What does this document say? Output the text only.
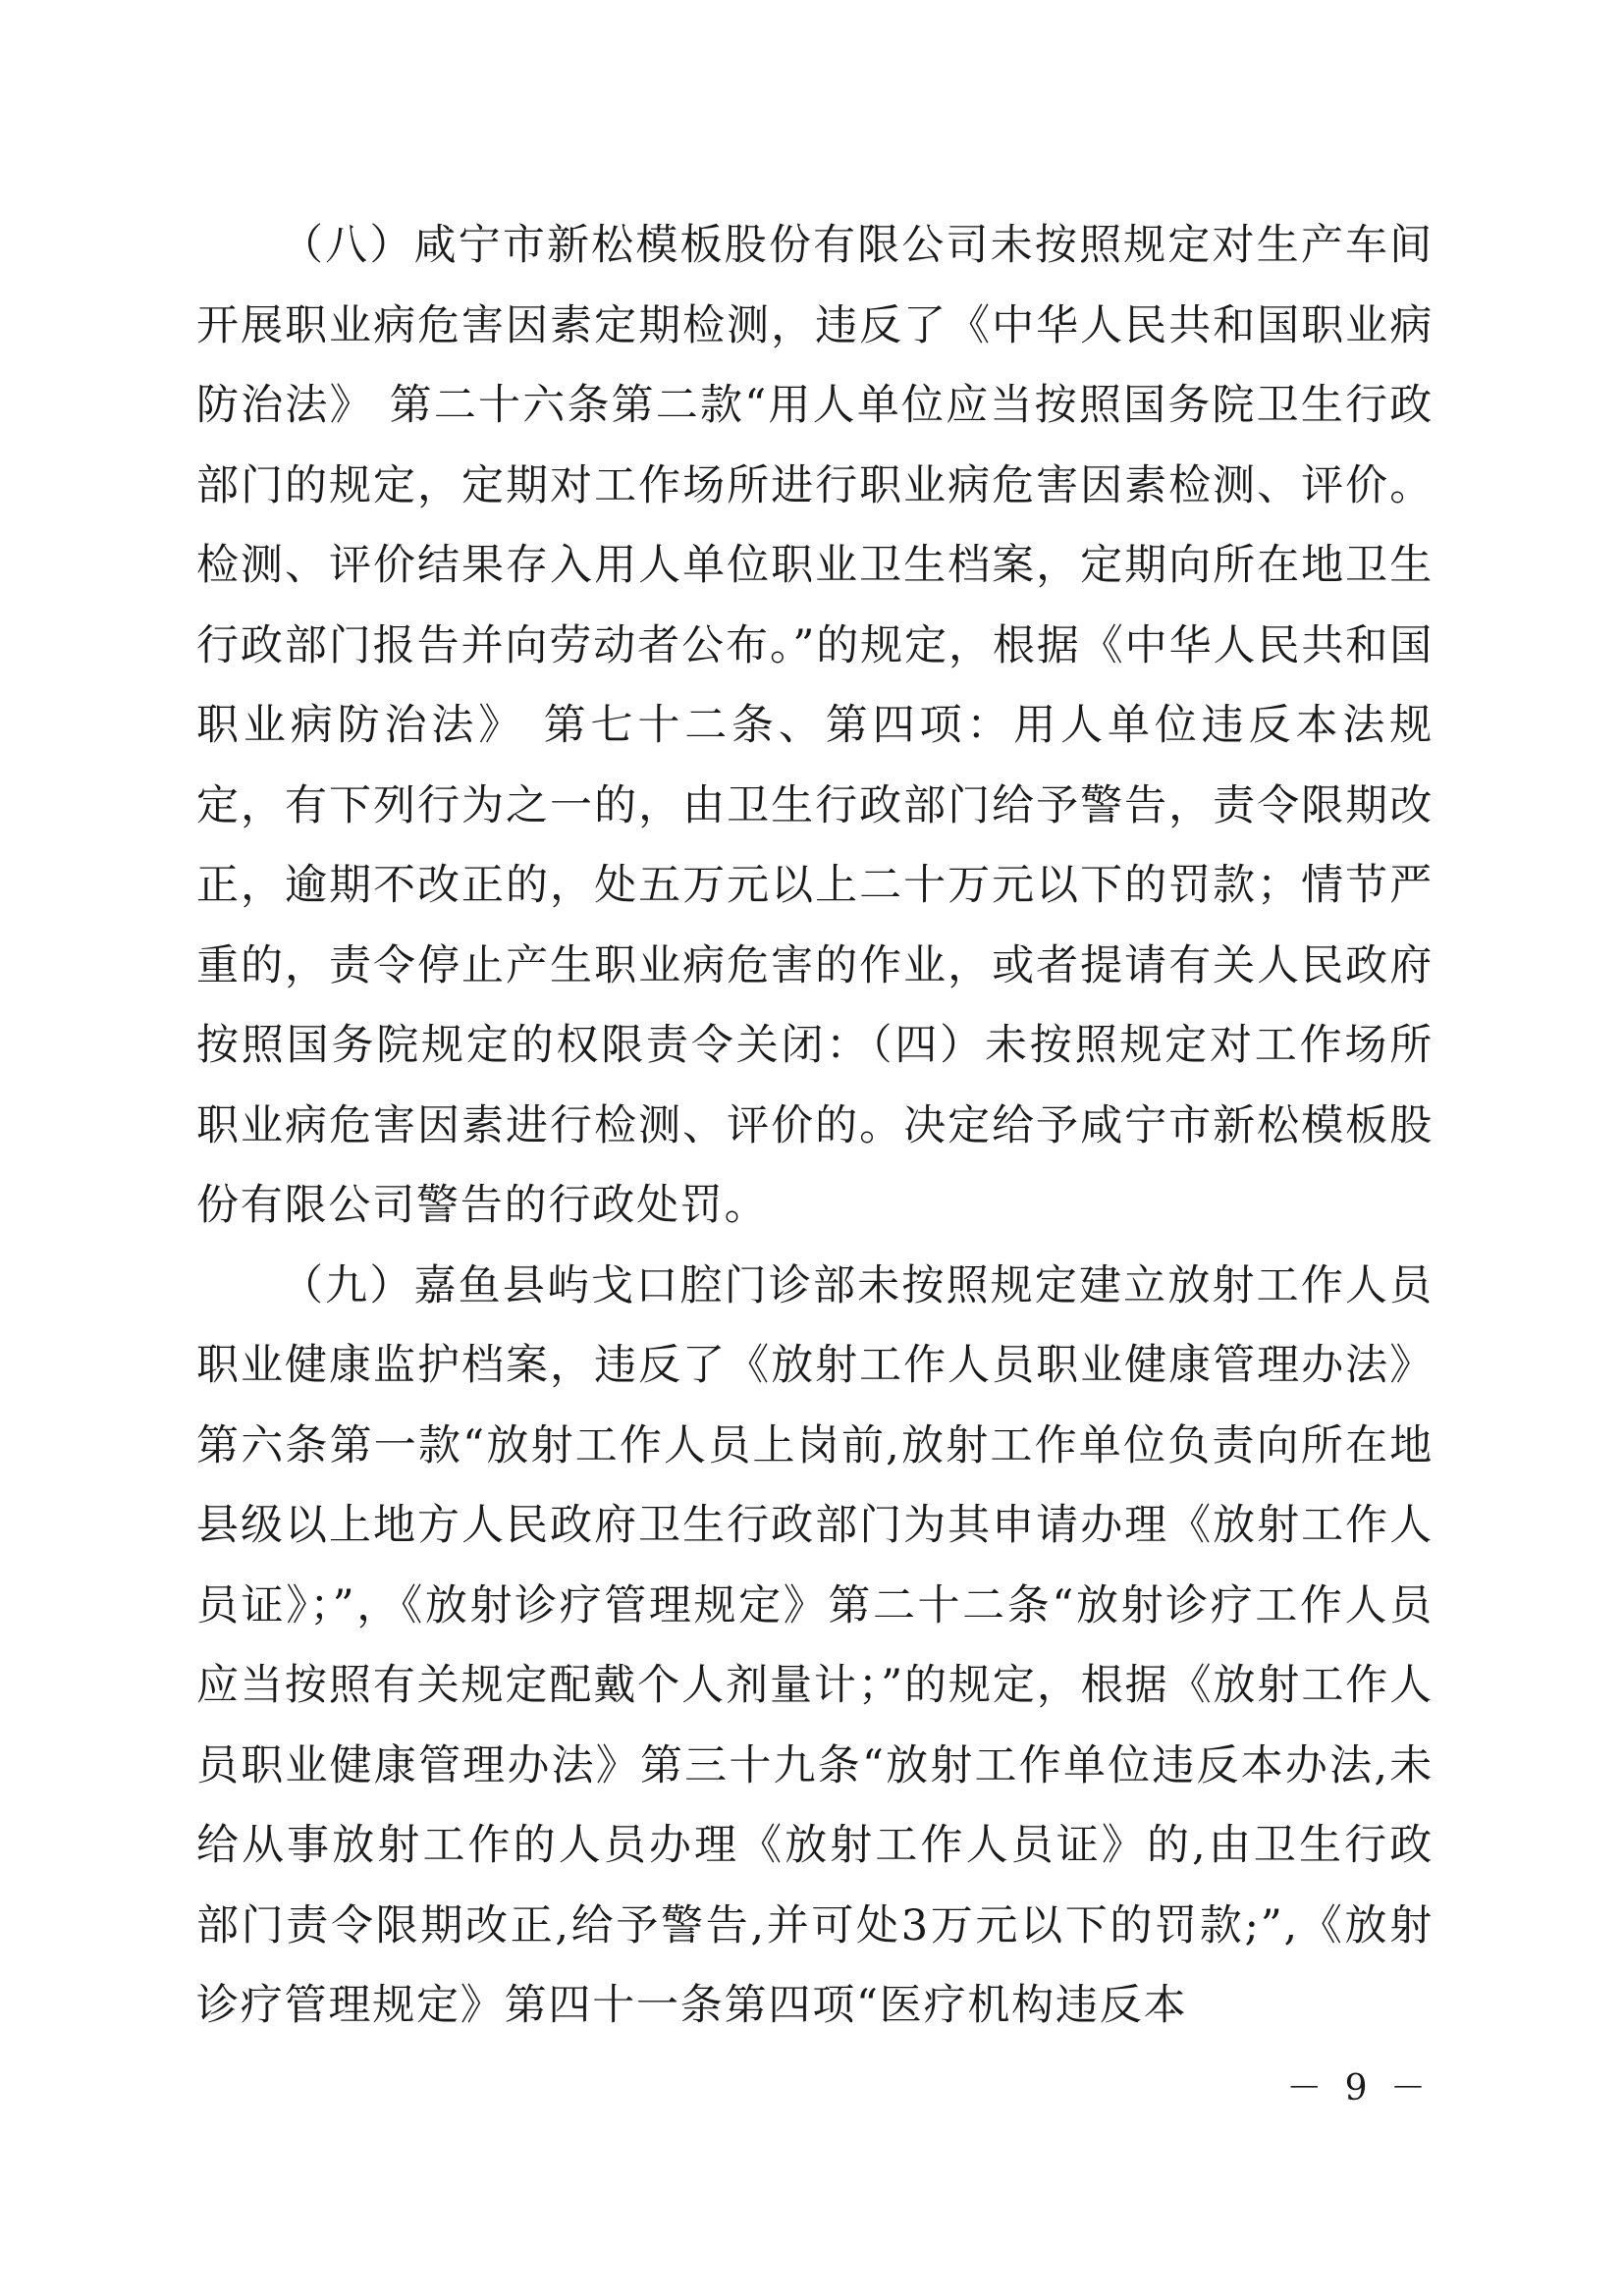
（八）咸宁市新松模板股份有限公司未按照规定对生产车间开展职业病危害因素定期检测，违反了《中华人民共和国职业病防治法》 第二十六条第二款“用人单位应当按照国务院卫生行政部门的规定，定期对工作场所进行职业病危害因素检测、评价。检测、评价结果存入用人单位职业卫生档案，定期向所在地卫生行政部门报告并向劳动者公布。”的规定，根据《中华人民共和国职业病防治法》 第七十二条、第四项：用人单位违反本法规定，有下列行为之一的，由卫生行政部门给予警告，责令限期改正，逾期不改正的，处五万元以上二十万元以下的罚款；情节严重的，责令停止产生职业病危害的作业，或者提请有关人民政府按照国务院规定的权限责令关闭：（四）未按照规定对工作场所职业病危害因素进行检测、评价的。决定给予咸宁市新松模板股份有限公司警告的行政处罚。

（九）嘉鱼县屿戈口腔门诊部未按照规定建立放射工作人员职业健康监护档案，违反了《放射工作人员职业健康管理办法》第六条第一款“放射工作人员上岗前,放射工作单位负责向所在地县级以上地方人民政府卫生行政部门为其申请办理《放射工作人员证》；”，《放射诊疗管理规定》第二十二条“放射诊疗工作人员应当按照有关规定配戴个人剂量计；”的规定，根据《放射工作人员职业健康管理办法》第三十九条“放射工作单位违反本办法,未给从事放射工作的人员办理《放射工作人员证》的,由卫生行政部门责令限期改正,给予警告,并可处3万元以下的罚款;”,《放射诊疗管理规定》第四十一条第四项“医疗机构违反本

－ 9 －
